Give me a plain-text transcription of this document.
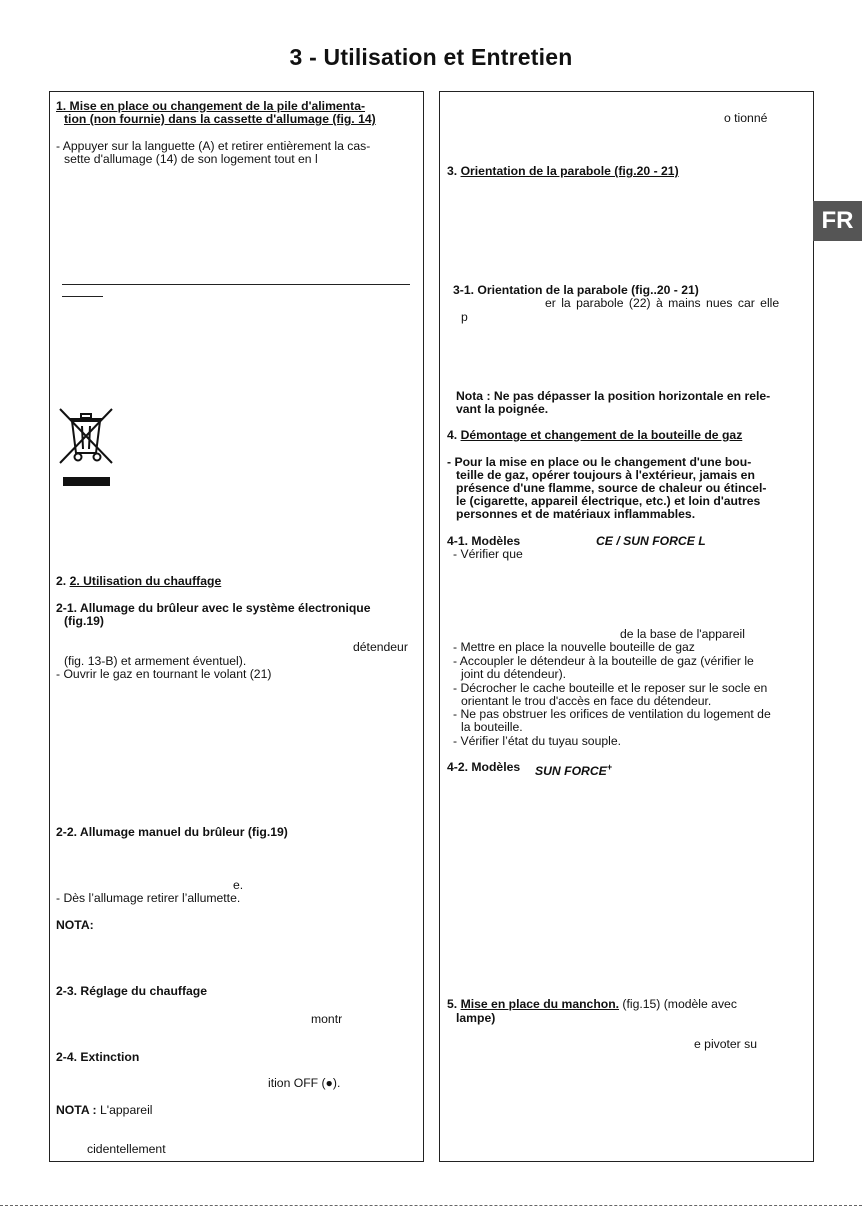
3 - Utilisation et Entretien
1. Mise en place ou changement de la pile d'alimenta-
tion (non fournie) dans la cassette d'allumage (fig. 14)
- Appuyer sur la languette (A) et retirer entièrement la cas-
sette d'allumage (14) de son logement tout en l
2. 2. Utilisation du chauffage
2-1. Allumage du brûleur avec le système électronique
(fig.19)
détendeur
(fig. 13-B) et armement éventuel).
- Ouvrir le gaz en tournant le volant (21)
2-2. Allumage manuel du brûleur (fig.19)
e.
- Dès l’allumage retirer l’allumette.
NOTA:
2-3. Réglage du chauffage
montr
2-4. Extinction
ition OFF (●).
NOTA : L'appareil
cidentellement
o tionné
3. Orientation de la parabole (fig.20 - 21)
FR
3-1. Orientation de la parabole (fig..20 - 21)
er la parabole (22) à mains nues car elle
p
Nota : Ne pas dépasser la position horizontale en rele-
vant la poignée.
4. Démontage et changement de la bouteille de gaz
- Pour la mise en place ou le changement d'une bou-
teille de gaz, opérer toujours à l'extérieur, jamais en
présence d'une flamme, source de chaleur ou étincel-
le (cigarette, appareil électrique, etc.) et loin d'autres
personnes et de matériaux inflammables.
4-1. Modèles	CE / SUN FORCE L
- Vérifier que
de la base de l'appareil
- Mettre en place la nouvelle bouteille de gaz
- Accoupler le détendeur à la bouteille de gaz (vérifier le
joint du détendeur).
- Décrocher le cache bouteille et le reposer sur le socle en
orientant le trou d'accès en face du détendeur.
- Ne pas obstruer les orifices de ventilation du logement de
la bouteille.
- Vérifier l’état du tuyau souple.
4-2. Modèles SUN FORCE+
5. Mise en place du manchon. (fig.15) (modèle avec
lampe)
e pivoter su
